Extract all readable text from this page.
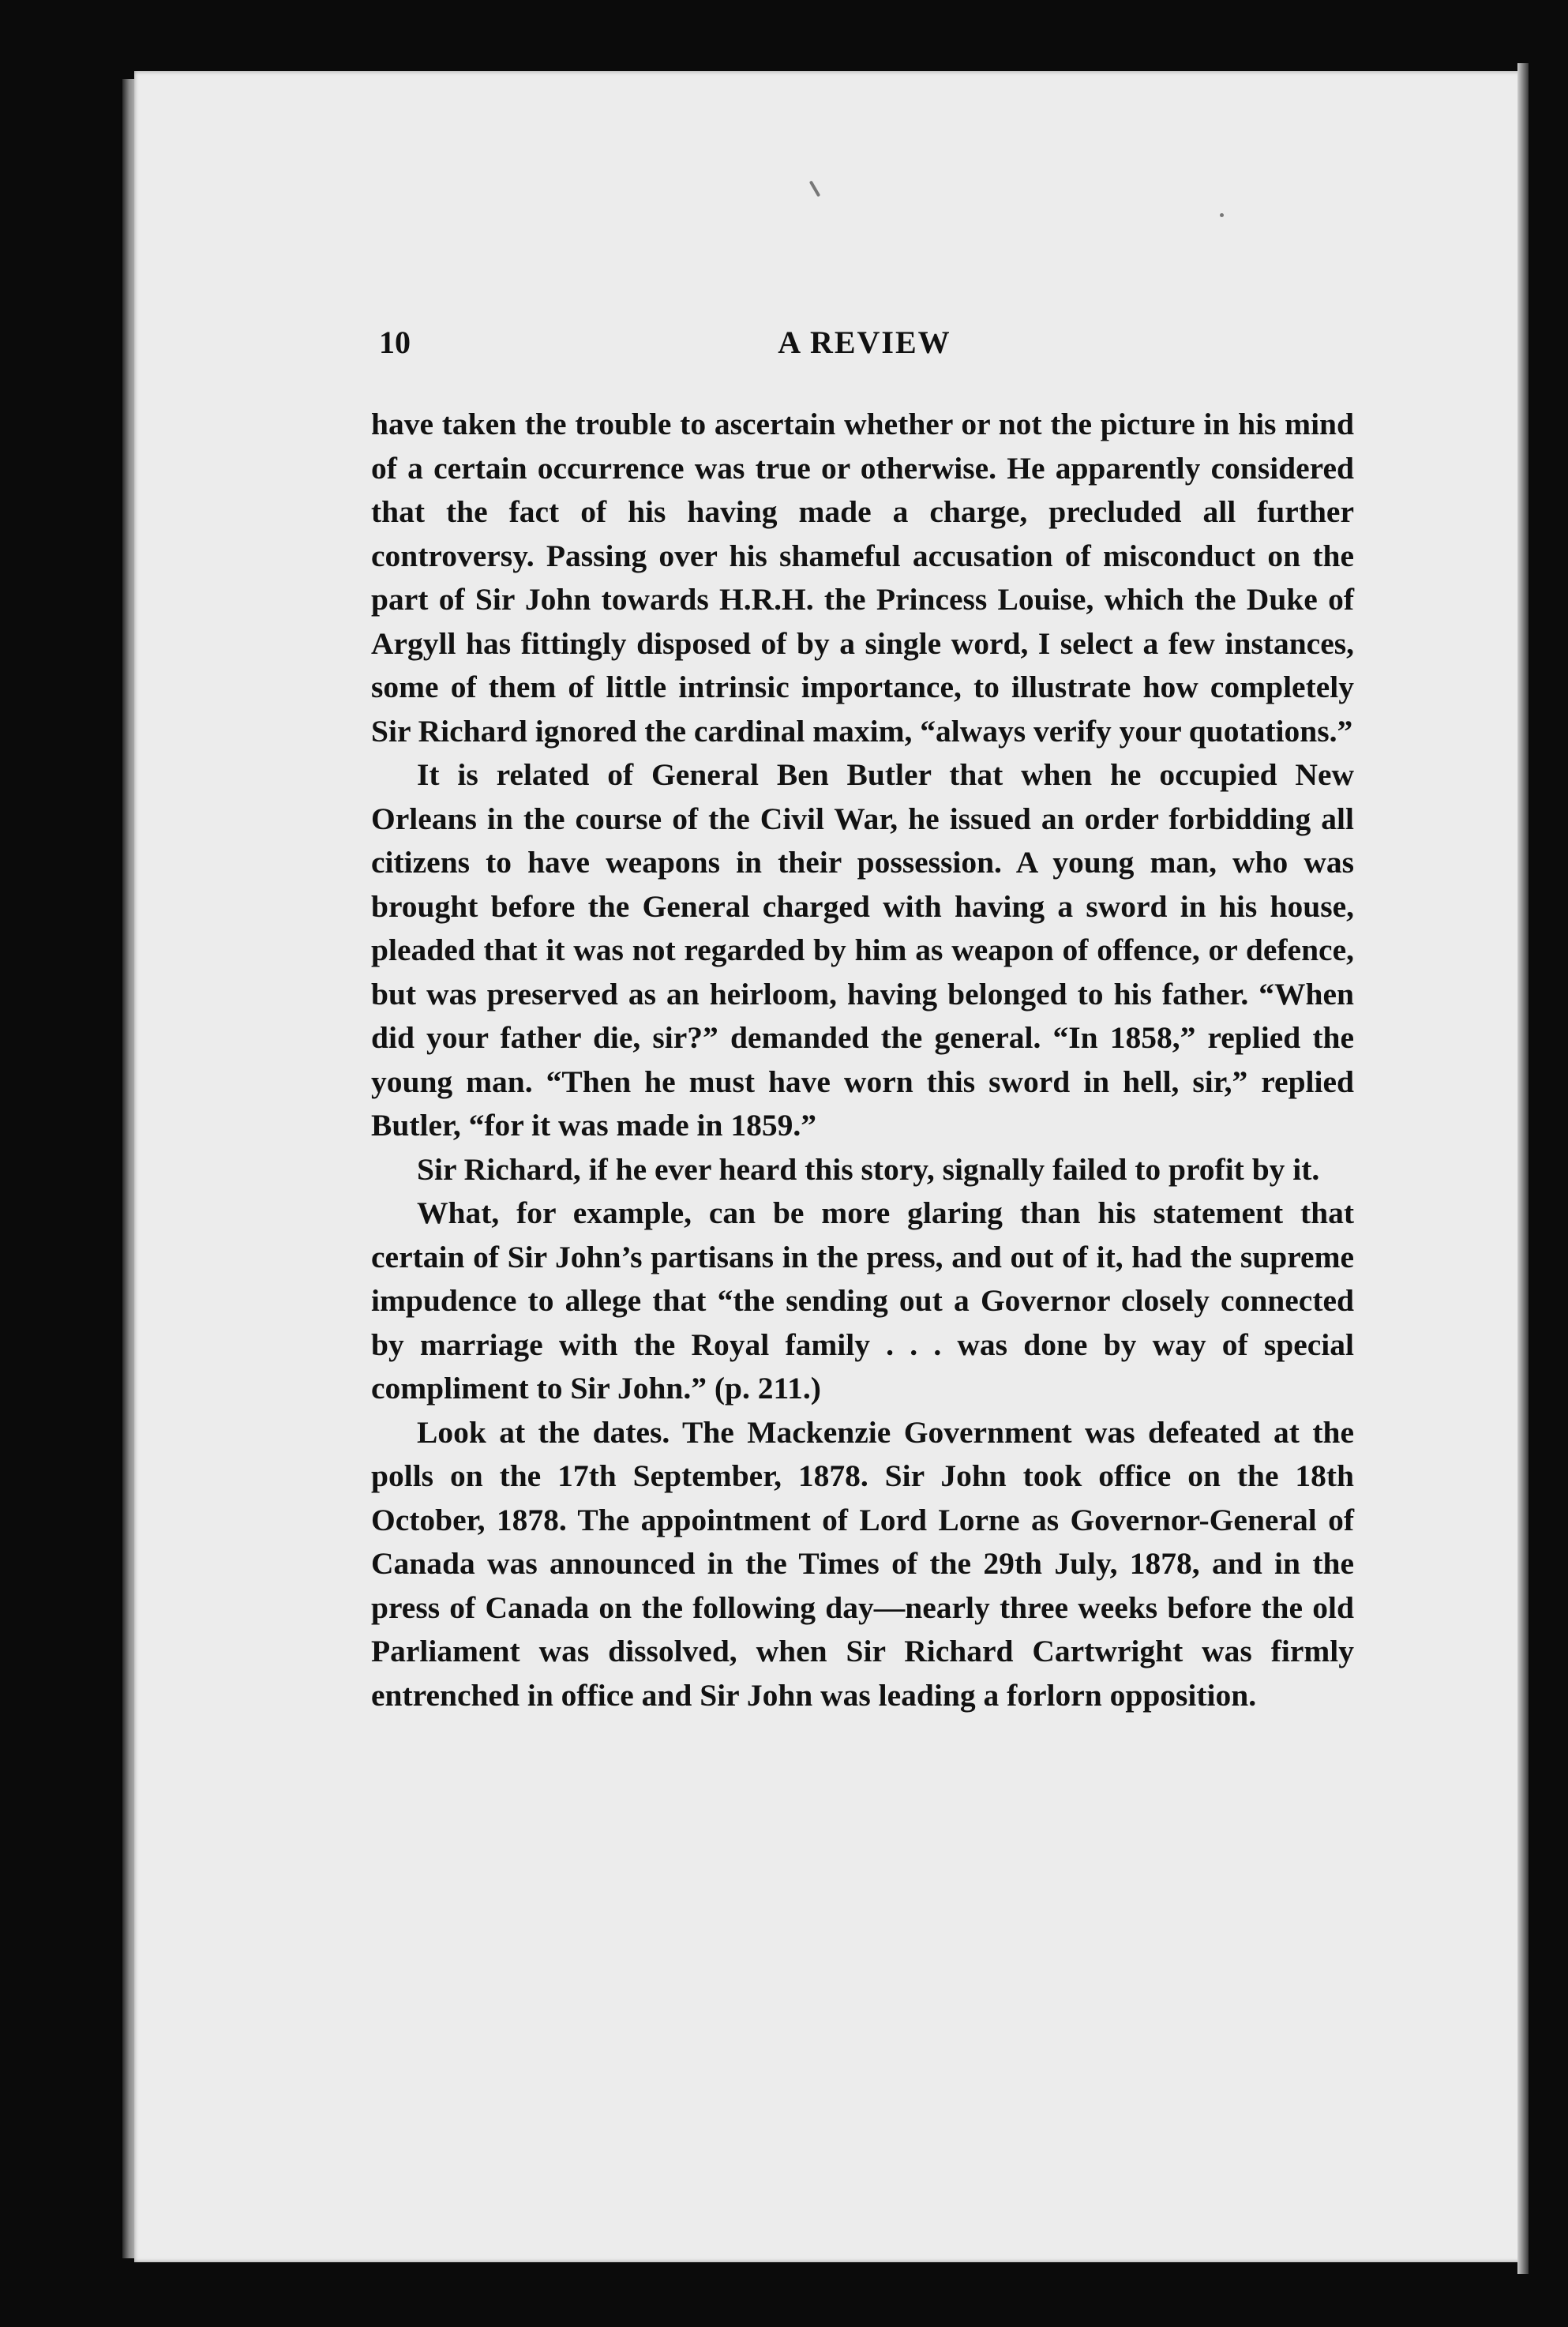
10	A REVIEW

have taken the trouble to ascertain whether or not the picture in his mind of a certain occurrence was true or otherwise. He apparently considered that the fact of his having made a charge, precluded all further controversy. Passing over his shameful accusation of misconduct on the part of Sir John towards H.R.H. the Princess Louise, which the Duke of Argyll has fittingly disposed of by a single word, I select a few instances, some of them of little intrinsic importance, to illustrate how completely Sir Richard ignored the cardinal maxim, “always verify your quotations.”

It is related of General Ben Butler that when he occupied New Orleans in the course of the Civil War, he issued an order forbidding all citizens to have weapons in their possession. A young man, who was brought before the General charged with having a sword in his house, pleaded that it was not regarded by him as weapon of offence, or defence, but was preserved as an heirloom, having belonged to his father. “When did your father die, sir?” demanded the general. “In 1858,” replied the young man. “Then he must have worn this sword in hell, sir,” replied Butler, “for it was made in 1859.”

Sir Richard, if he ever heard this story, signally failed to profit by it.

What, for example, can be more glaring than his statement that certain of Sir John’s partisans in the press, and out of it, had the supreme impudence to allege that “the sending out a Governor closely connected by marriage with the Royal family . . . was done by way of special compliment to Sir John.” (p. 211.)

Look at the dates. The Mackenzie Government was defeated at the polls on the 17th September, 1878. Sir John took office on the 18th October, 1878. The appointment of Lord Lorne as Governor-General of Canada was announced in the Times of the 29th July, 1878, and in the press of Canada on the following day—nearly three weeks before the old Parliament was dissolved, when Sir Richard Cartwright was firmly entrenched in office and Sir John was leading a forlorn opposition.
